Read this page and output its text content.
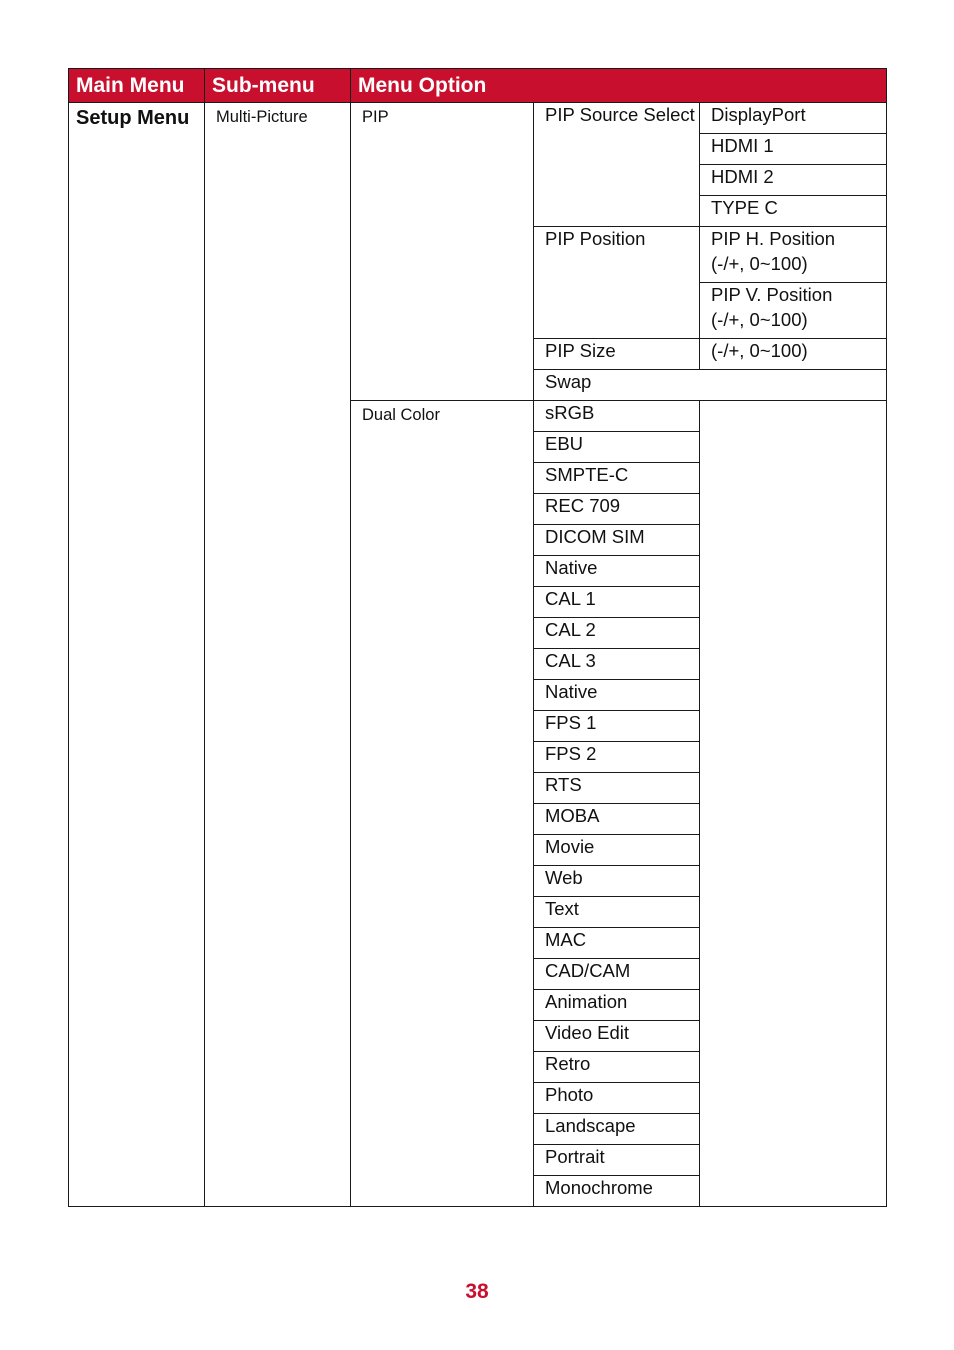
Main Menu	Sub-menu	Menu Option		
Setup Menu	Multi-Picture	PIP	PIP Source Select	DisplayPort
				HDMI 1
				HDMI 2
				TYPE C
			PIP Position	PIP H. Position
(-/+, 0~100)

				PIP V. Position
(-/+, 0~100)

			PIP Size	(-/+, 0~100)
			Swap	
		Dual Color	sRGB	
			EBU	
			SMPTE-C	
			REC 709	
			DICOM SIM	
			Native	
			CAL 1	
			CAL 2	
			CAL 3	
			Native	
			FPS 1	
			FPS 2	
			RTS	
			MOBA	
			Movie	
			Web	
			Text	
			MAC	
			CAD/CAM	
			Animation	
			Video Edit	
			Retro	
			Photo	
			Landscape	
			Portrait	
			Monochrome	
38
